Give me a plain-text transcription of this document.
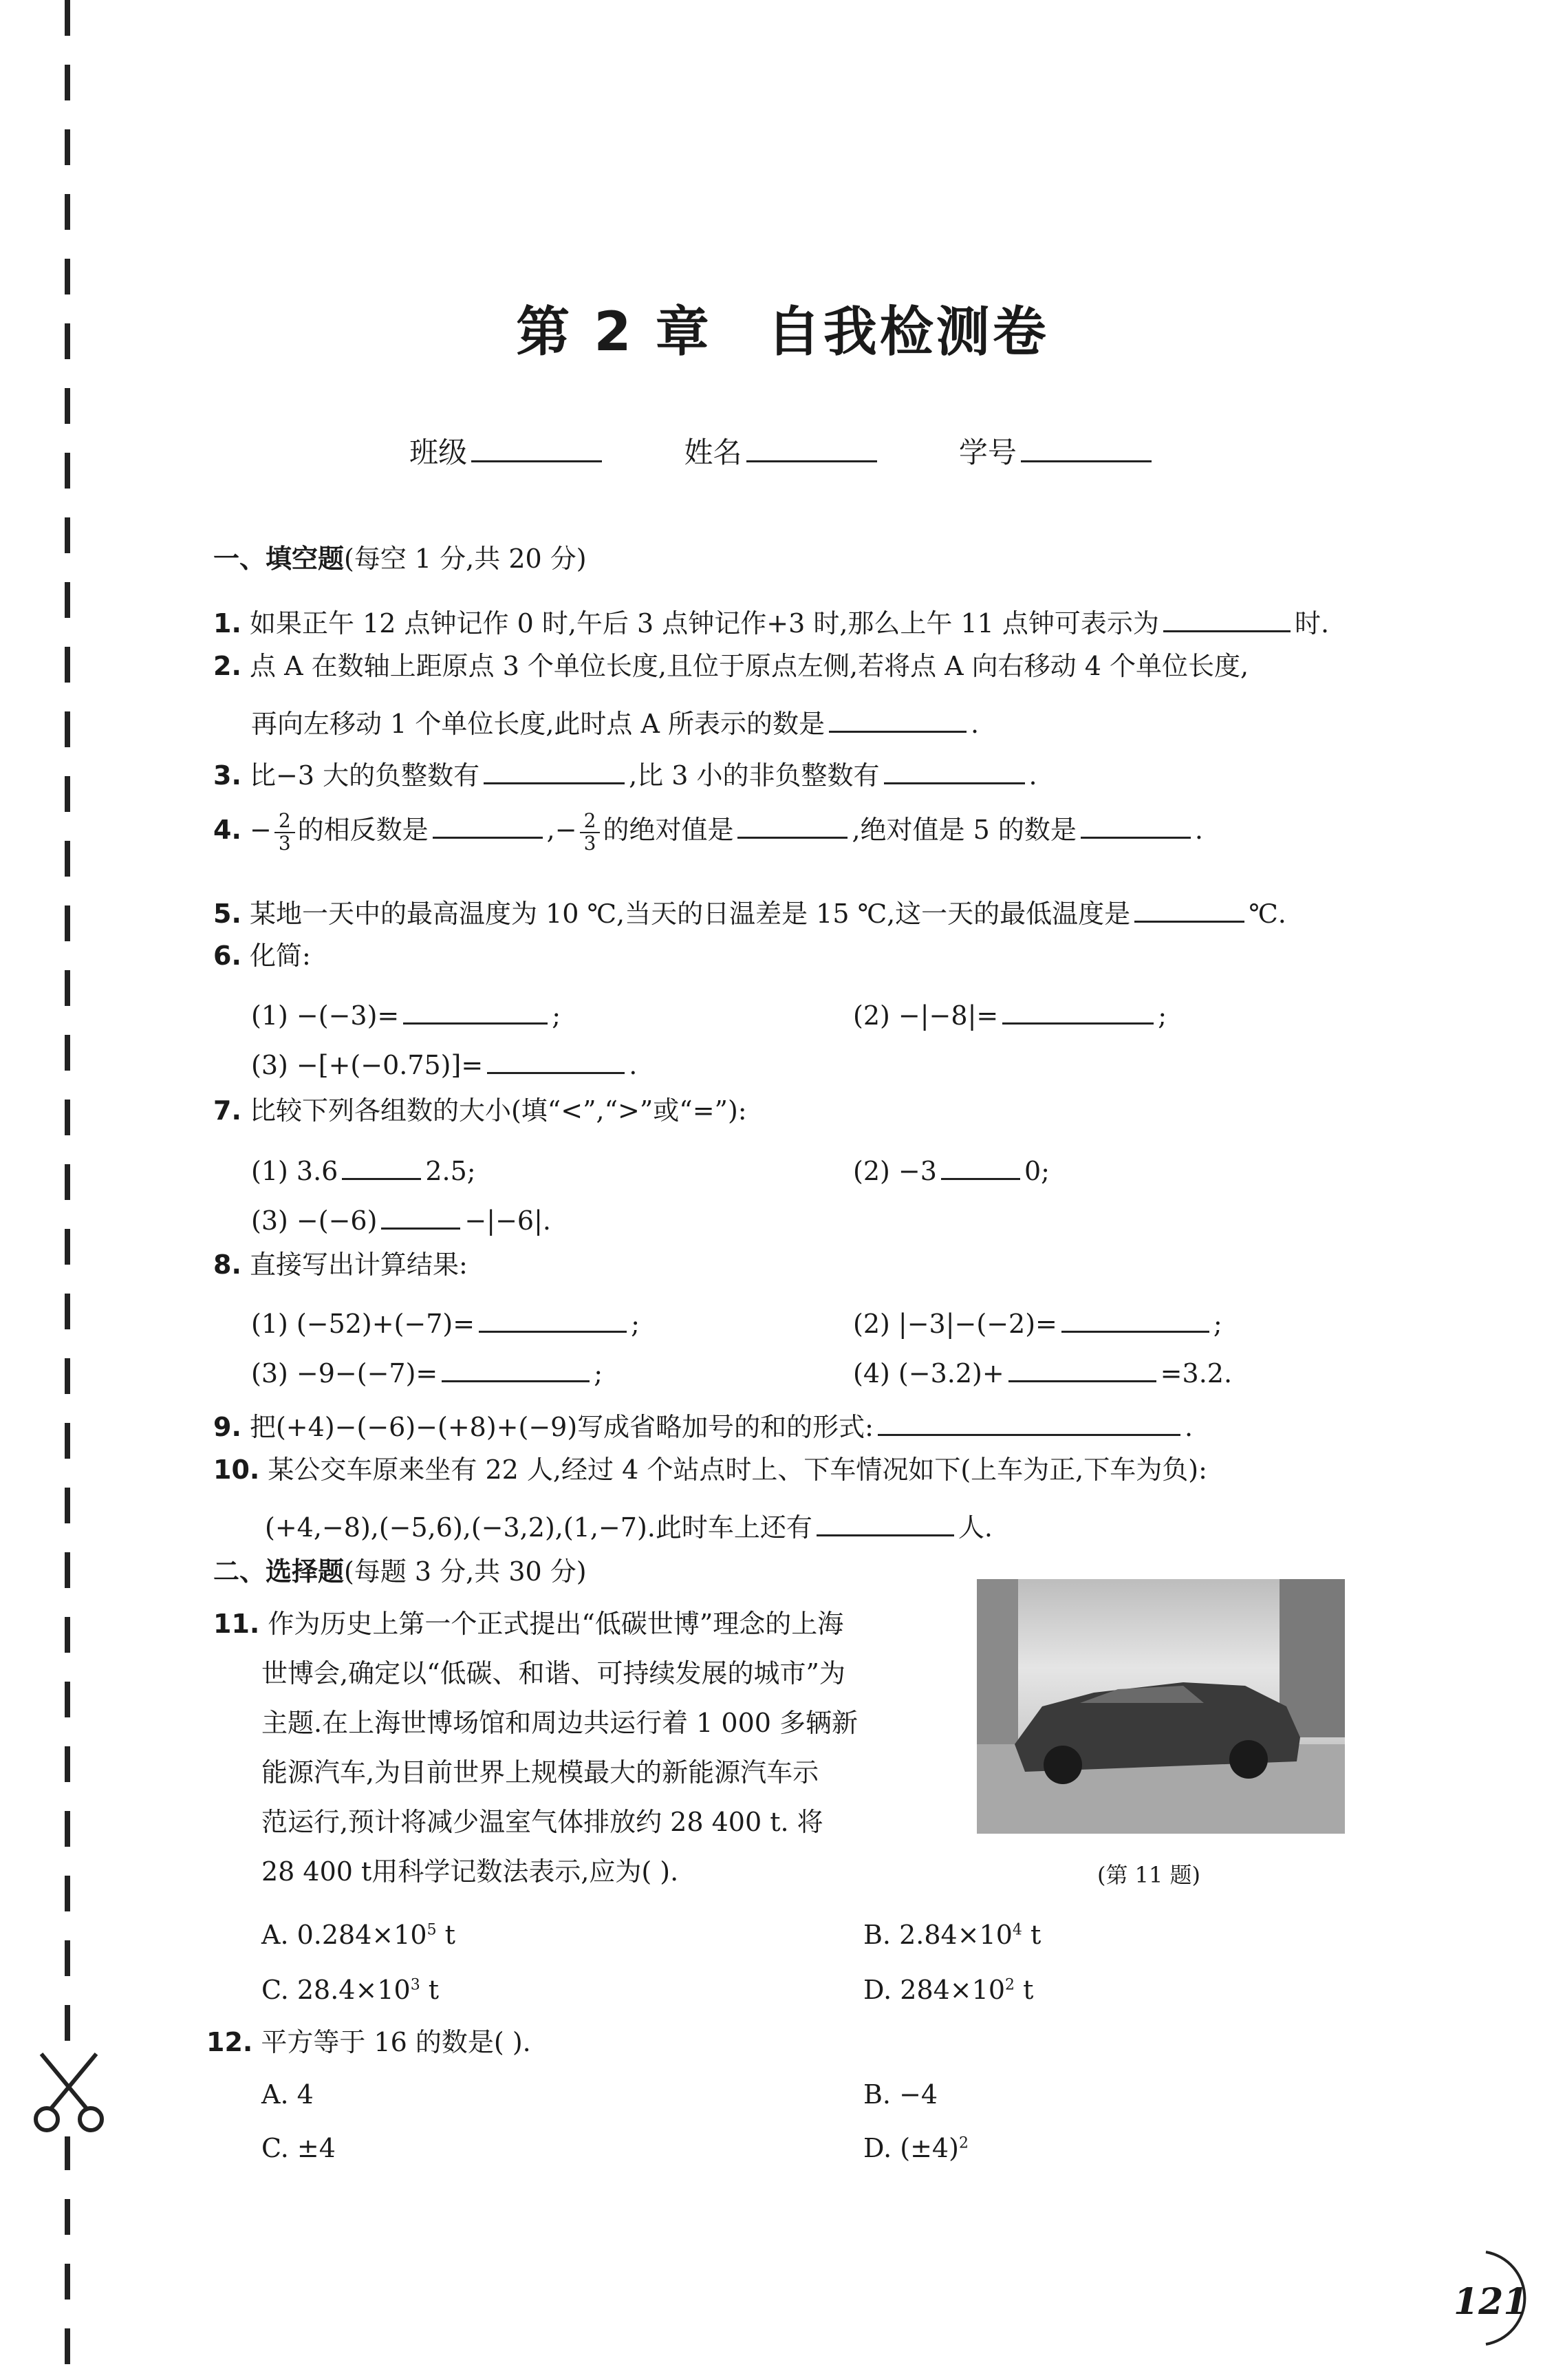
第 2 章 自我检测卷
班级	姓名	学号
一、填空题(每空 1 分,共 20 分)
1. 如果正午 12 点钟记作 0 时,午后 3 点钟记作+3 时,那么上午 11 点钟可表示为	时.
2. 点 A 在数轴上距原点 3 个单位长度,且位于原点左侧,若将点 A 向右移动 4 个单位长度,
再向左移动 1 个单位长度,此时点 A 所表示的数是	.
3. 比−3 大的负整数有	,比 3 小的非负整数有	.
4. − $\frac{2}{3}$ 的相反数是	,− $\frac{2}{3}$ 的绝对值是	,绝对值是 5 的数是	.
5. 某地一天中的最高温度为 10 ℃,当天的日温差是 15 ℃,这一天的最低温度是	℃.
6. 化简:
(1) −(−3)=	;	(2) −|−8|=	;
(3) −[+(−0.75)]=	.
7. 比较下列各组数的大小(填“<”,“>”或“=”):
(1) 3.6	2.5;	(2) −3	0;
(3) −(−6)	−|−6|.
8. 直接写出计算结果:
(1) (−52)+(−7)=	;	(2) |−3|−(−2)=	;
(3) −9−(−7)=	;	(4) (−3.2)+	=3.2.
9. 把(+4)−(−6)−(+8)+(−9)写成省略加号的和的形式:	.
10. 某公交车原来坐有 22 人,经过 4 个站点时上、下车情况如下(上车为正,下车为负):
(+4,−8),(−5,6),(−3,2),(1,−7).此时车上还有	人.
二、选择题(每题 3 分,共 30 分)
11. 作为历史上第一个正式提出“低碳世博”理念的上海
世博会,确定以“低碳、和谐、可持续发展的城市”为
主题.在上海世博场馆和周边共运行着 1 000 多辆新
能源汽车,为目前世界上规模最大的新能源汽车示
范运行,预计将减少温室气体排放约 28 400 t. 将
28 400 t用科学记数法表示,应为( ).	(第 11 题)
A. $0.284\times 10^5$ t	B. $2.84\times 10^4$ t
C. $28.4\times 10^3$ t	D. $284\times 10^2$ t
12. 平方等于 16 的数是( ).
A. 4	B. −4
C. ±4	D. $(\pm 4)^2$
121
